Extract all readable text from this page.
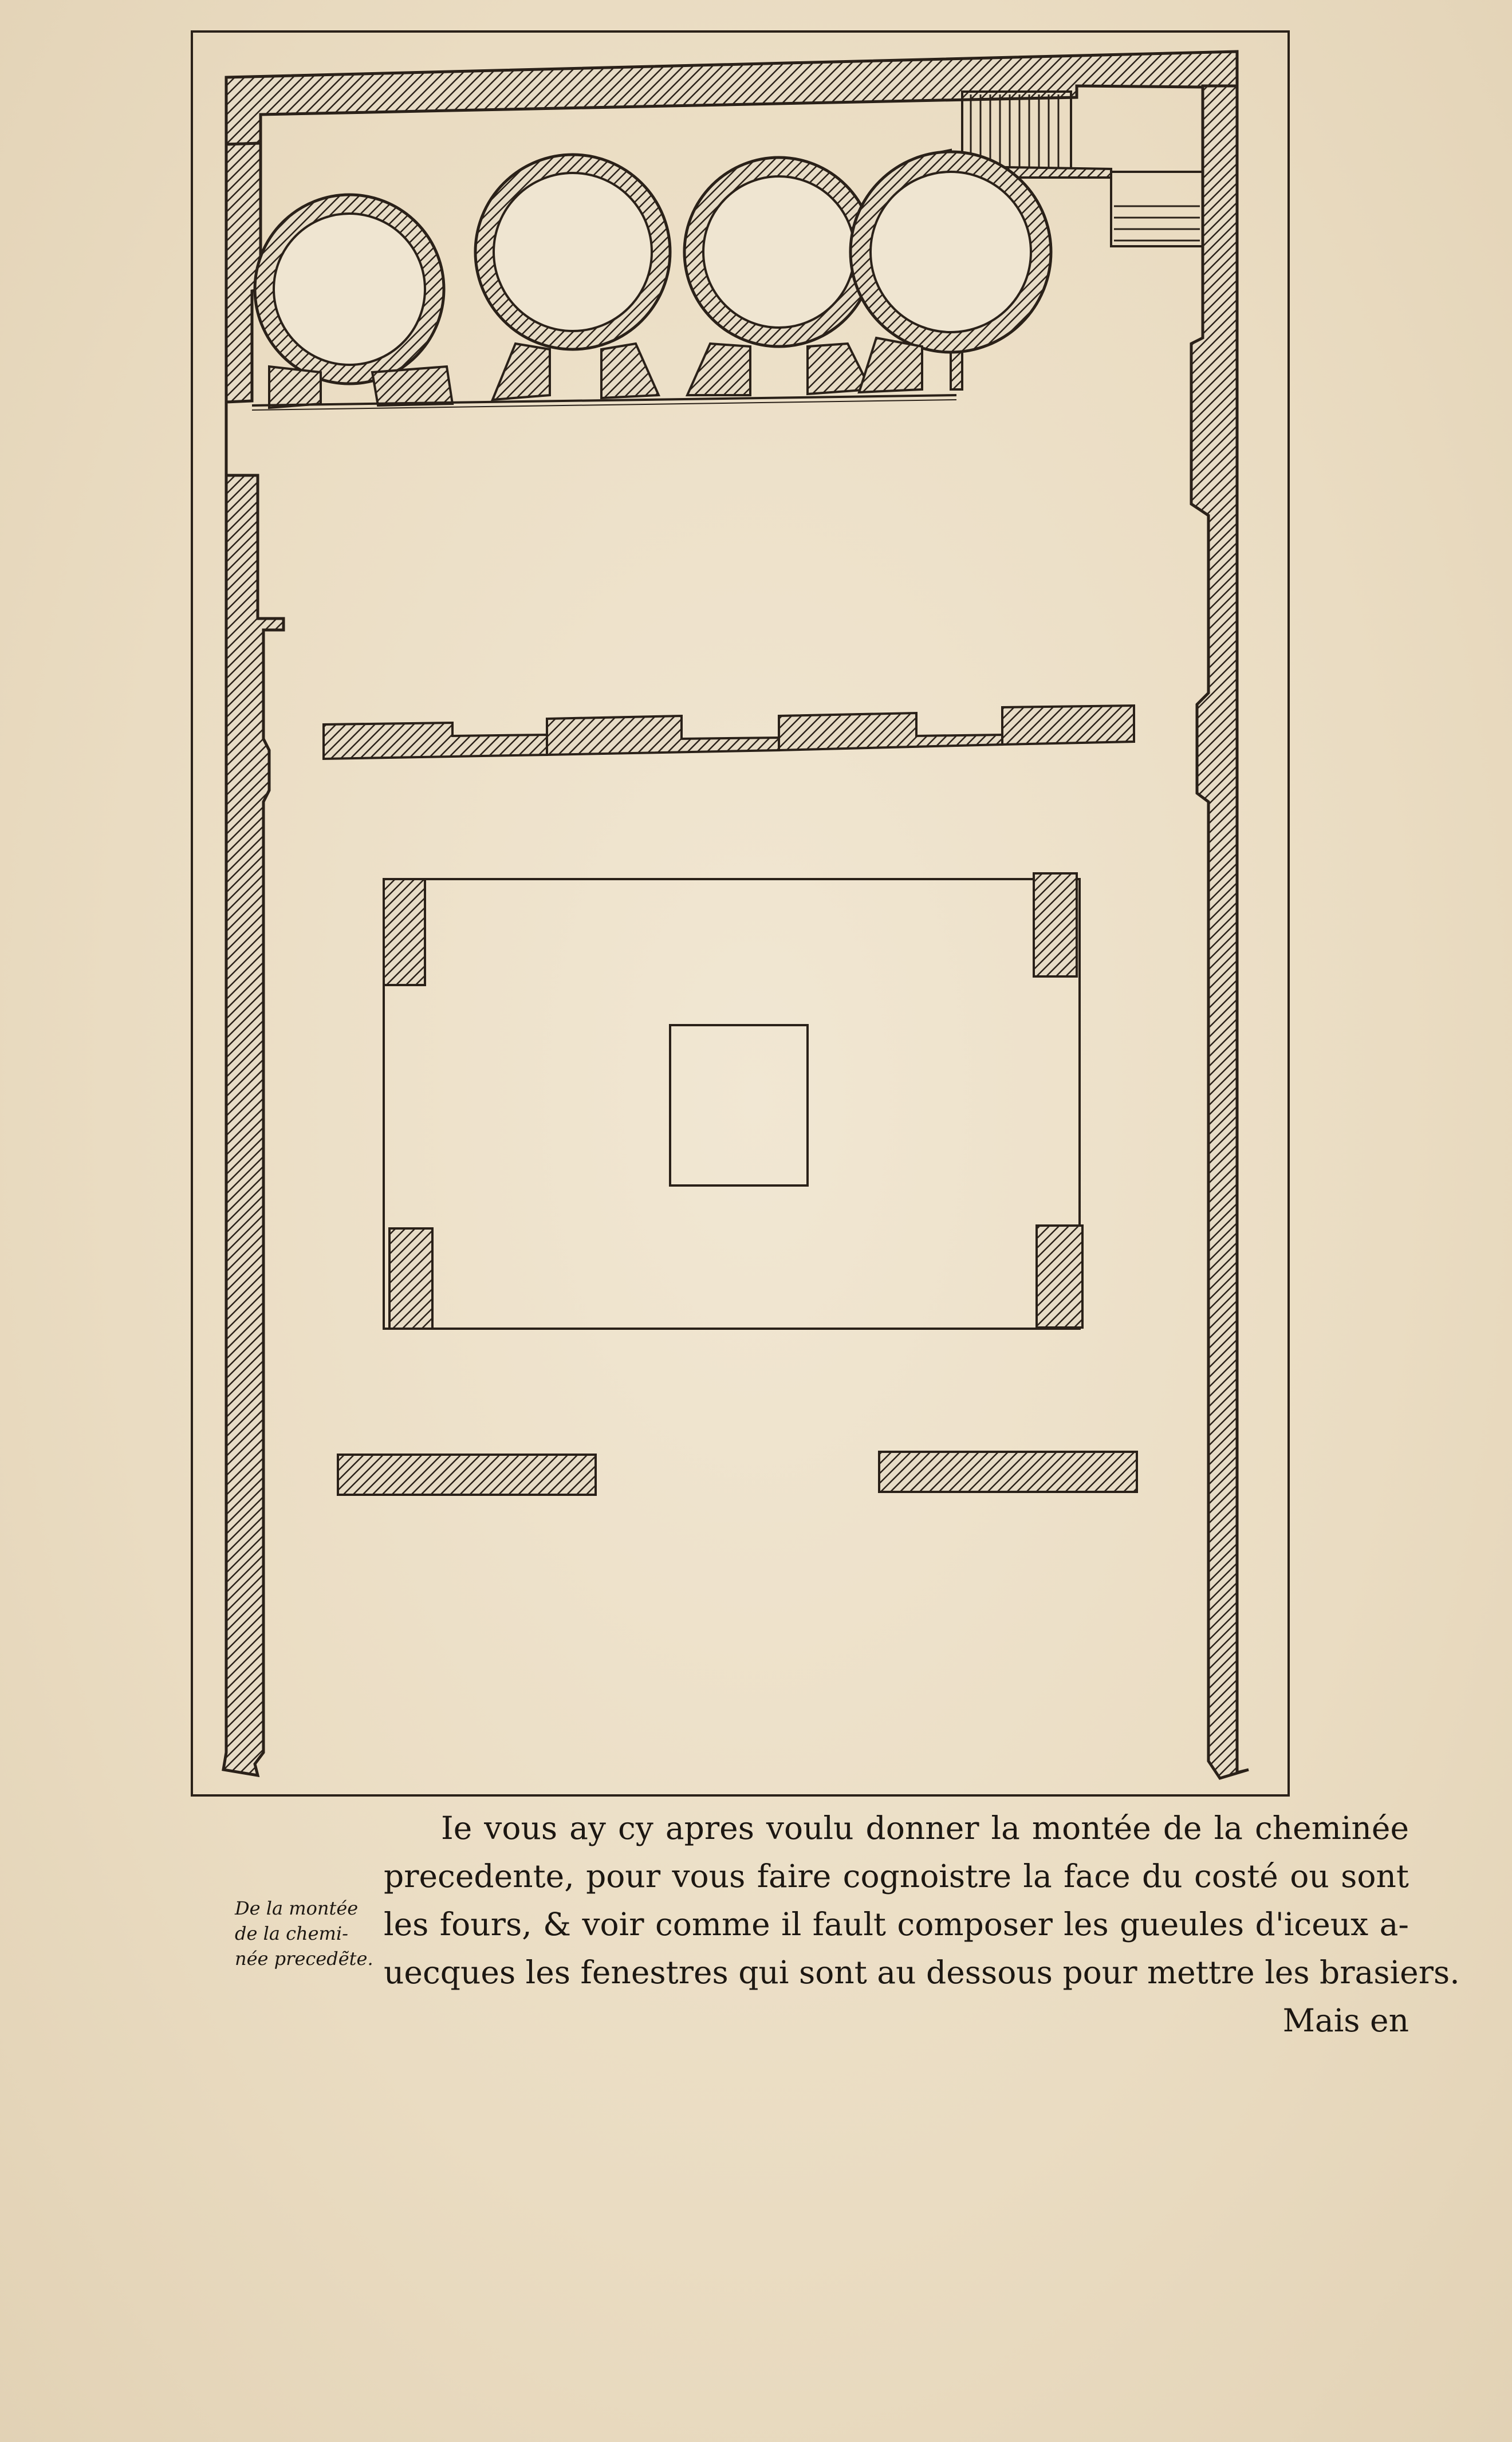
Ie vous ay cy apres voulu donner la montée de la cheminée
precedente, pour vous faire cognoistre la face du costé ou sont
les fours, & voir comme il fault composer les gueules d'iceux a-
uecques les fenestres qui sont au dessous pour mettre les brasiers.
Mais en
De la montée
de la chemi-
née precedẽte.
